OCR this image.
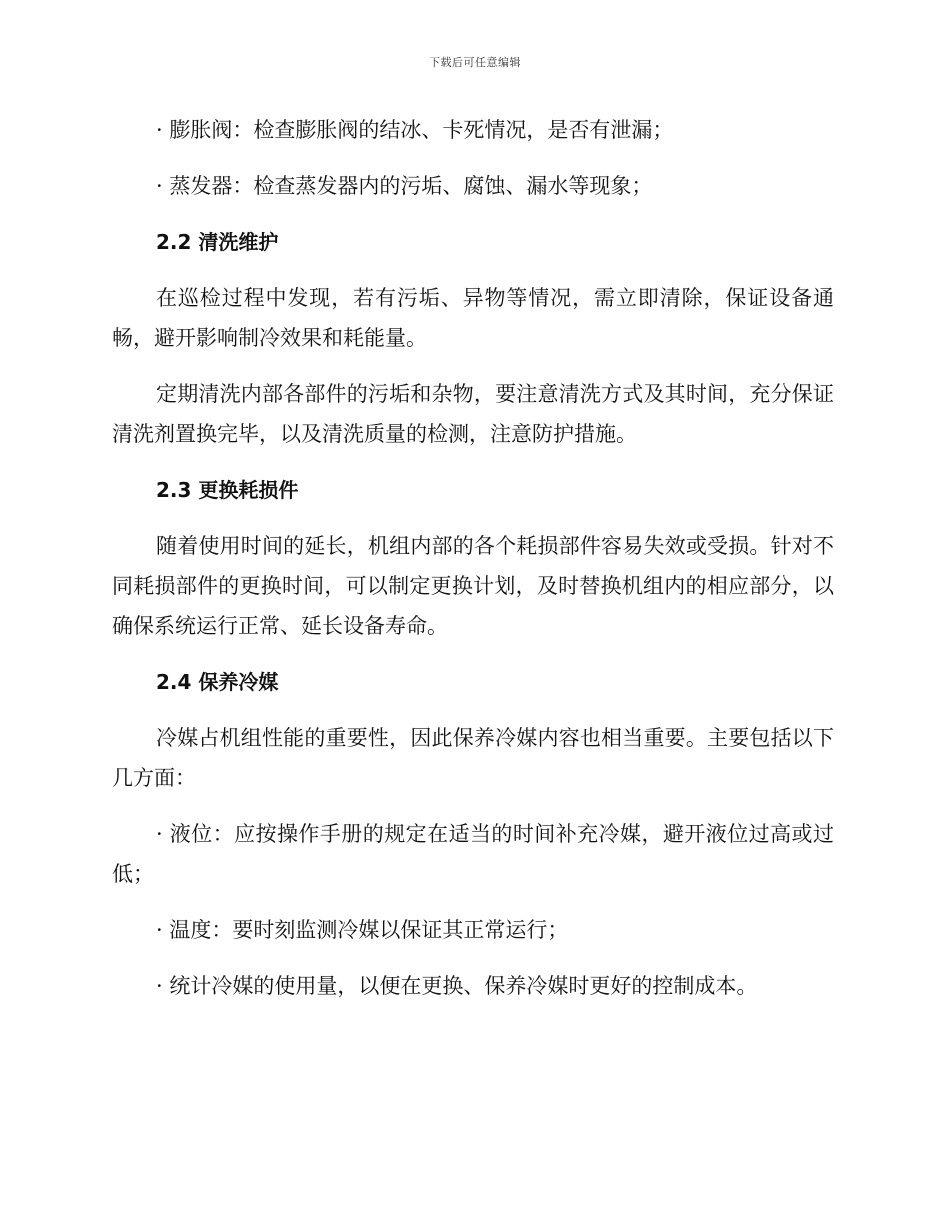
下载后可任意编辑

· 膨胀阀：检查膨胀阀的结冰、卡死情况，是否有泄漏；

· 蒸发器：检查蒸发器内的污垢、腐蚀、漏水等现象；

2.2 清洗维护

在巡检过程中发现，若有污垢、异物等情况，需立即清除，保证设备通畅，避开影响制冷效果和耗能量。

定期清洗内部各部件的污垢和杂物，要注意清洗方式及其时间，充分保证清洗剂置换完毕，以及清洗质量的检测，注意防护措施。

2.3 更换耗损件

随着使用时间的延长，机组内部的各个耗损部件容易失效或受损。针对不同耗损部件的更换时间，可以制定更换计划，及时替换机组内的相应部分，以确保系统运行正常、延长设备寿命。

2.4 保养冷媒

冷媒占机组性能的重要性，因此保养冷媒内容也相当重要。主要包括以下几方面：

· 液位：应按操作手册的规定在适当的时间补充冷媒，避开液位过高或过低；

· 温度：要时刻监测冷媒以保证其正常运行；

· 统计冷媒的使用量，以便在更换、保养冷媒时更好的控制成本。
